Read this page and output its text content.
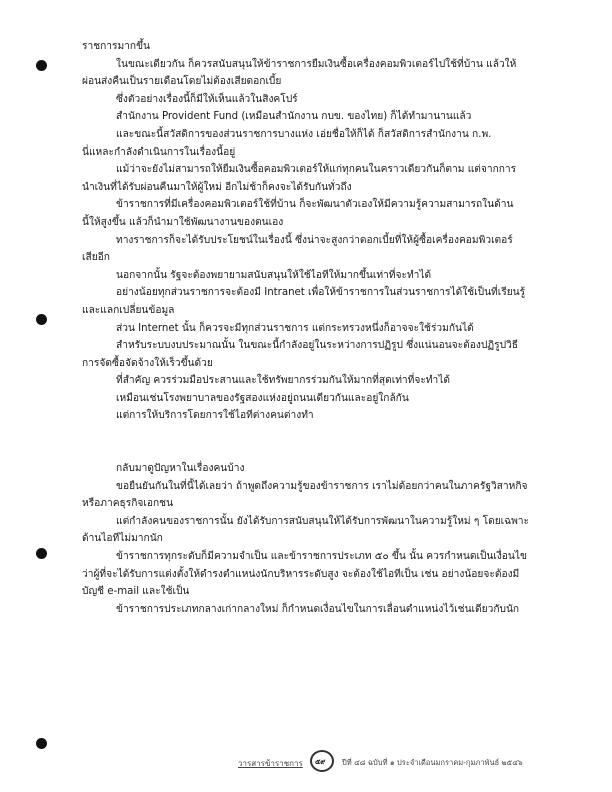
ราชการมากขึ้น
ในขณะเดียวกัน ก็ควรสนับสนุนให้ข้าราชการยืมเงินซื้อเครื่องคอมพิวเตอร์ไปใช้ที่บ้าน แล้วให้
ผ่อนส่งคืนเป็นรายเดือนโดยไม่ต้องเสียดอกเบี้ย
ซึ่งตัวอย่างเรื่องนี้ก็มีให้เห็นแล้วในสิงคโปร์
สำนักงาน Provident Fund (เหมือนสำนักงาน กบข. ของไทย) ก็ได้ทำมานานแล้ว
และขณะนี้สวัสดิการของส่วนราชการบางแห่ง เอ่ยชื่อให้ก็ได้ ก็สวัสดิการสำนักงาน ก.พ.
นี่แหละกำลังดำเนินการในเรื่องนี้อยู่
แม้ว่าจะยังไม่สามารถให้ยืมเงินซื้อคอมพิวเตอร์ให้แก่ทุกคนในคราวเดียวกันก็ตาม แต่จากการ
นำเงินที่ได้รับผ่อนคืนมาให้ผู้ใหม่ อีกไม่ช้าก็คงจะได้รับกันทั่วถึง
ข้าราชการที่มีเครื่องคอมพิวเตอร์ใช้ที่บ้าน ก็จะพัฒนาตัวเองให้มีความรู้ความสามารถในด้าน
นี้ให้สูงขึ้น แล้วก็นำมาใช้พัฒนางานของตนเอง
ทางราชการก็จะได้รับประโยชน์ในเรื่องนี้ ซึ่งน่าจะสูงกว่าดอกเบี้ยที่ให้ผู้ซื้อเครื่องคอมพิวเตอร์
เสียอีก
นอกจากนั้น รัฐจะต้องพยายามสนับสนุนให้ใช้ไอทีให้มากขึ้นเท่าที่จะทำได้
อย่างน้อยทุกส่วนราชการจะต้องมี Intranet เพื่อให้ข้าราชการในส่วนราชการได้ใช้เป็นที่เรียนรู้
และแลกเปลี่ยนข้อมูล
ส่วน Internet นั้น ก็ควรจะมีทุกส่วนราชการ แต่กระทรวงหนึ่งก็อาจจะใช้ร่วมกันได้
สำหรับระบบงบประมาณนั้น ในขณะนี้กำลังอยู่ในระหว่างการปฏิรูป ซึ่งแน่นอนจะต้องปฏิรูปวิธี
การจัดซื้อจัดจ้างให้เร็วขึ้นด้วย
ที่สำคัญ ควรร่วมมือประสานและใช้ทรัพยากรร่วมกันให้มากที่สุดเท่าที่จะทำได้
เหมือนเช่นโรงพยาบาลของรัฐสองแห่งอยู่ถนนเดียวกันและอยู่ใกล้กัน
แต่การให้บริการโดยการใช้ไอทีต่างคนต่างทำ
กลับมาดูปัญหาในเรื่องคนบ้าง
ขอยืนยันกันในที่นี้ได้เลยว่า ถ้าพูดถึงความรู้ของข้าราชการ เราไม่ด้อยกว่าคนในภาครัฐวิสาหกิจ
หรือภาคธุรกิจเอกชน
แต่กำลังคนของราชการนั้น ยังได้รับการสนับสนุนให้ได้รับการพัฒนาในความรู้ใหม่ ๆ โดยเฉพาะ
ด้านไอทีไม่มากนัก
ข้าราชการทุกระดับก็มีความจำเป็น และข้าราชการประเภท ๕๐ ขึ้น นั้น ควรกำหนดเป็นเงื่อนไข
ว่าผู้ที่จะได้รับการแต่งตั้งให้ดำรงตำแหน่งนักบริหารระดับสูง จะต้องใช้ไอทีเป็น เช่น อย่างน้อยจะต้องมี
บัญชี e-mail และใช้เป็น
ข้าราชการประเภทกลางเก่ากลางใหม่ ก็กำหนดเงื่อนไขในการเลื่อนตำแหน่งไว้เช่นเดียวกับนัก
วารสารข้าราชการ ๕๙ ปีที่ ๔๘ ฉบับที่ ๑ ประจำเดือนมกราคม-กุมภาพันธ์ ๒๕๔๖
